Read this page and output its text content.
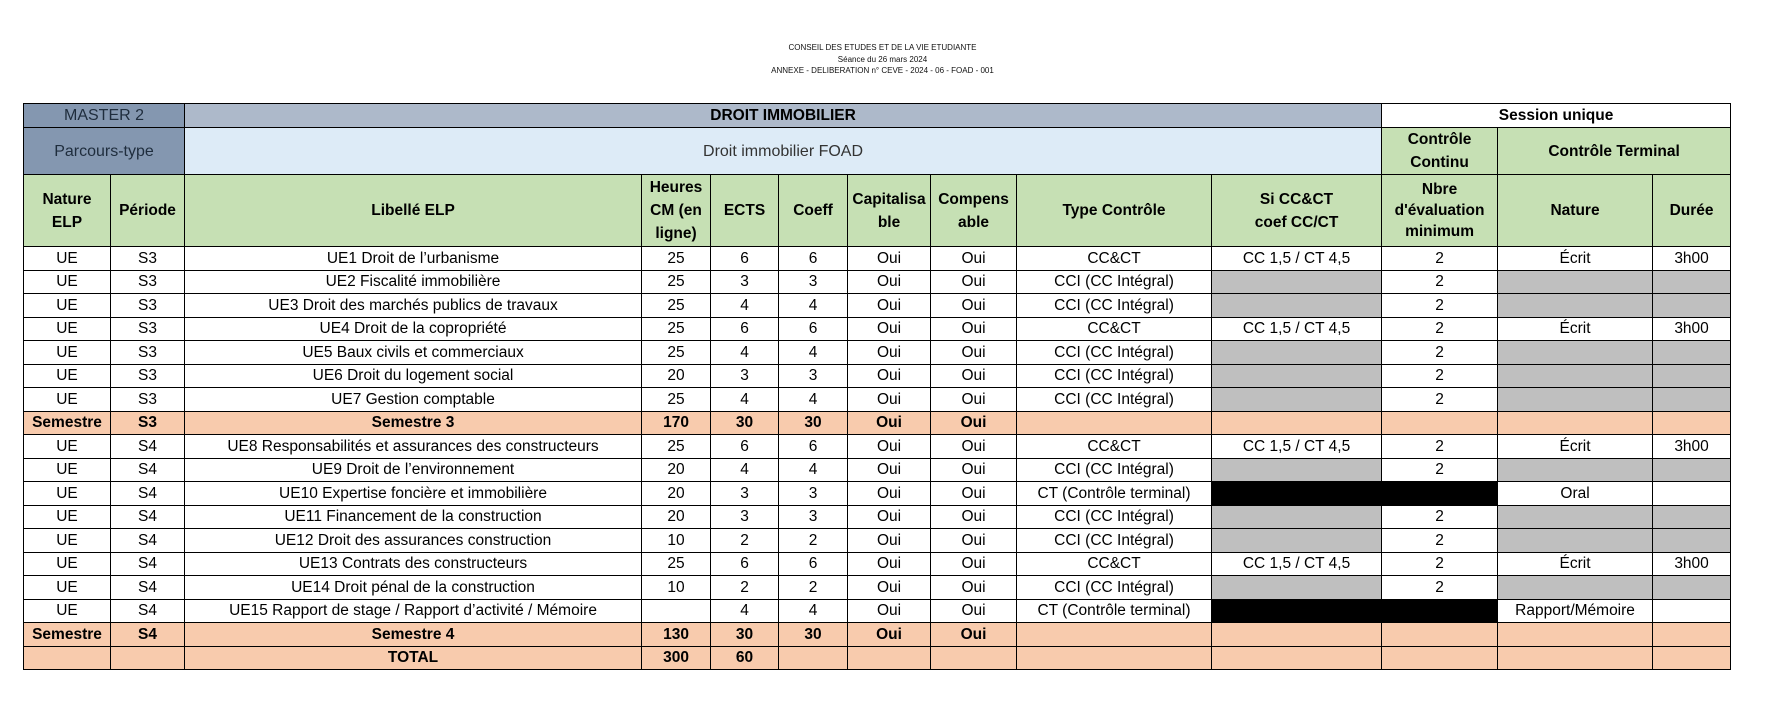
CONSEIL DES ETUDES ET DE LA VIE ETUDIANTE
Séance du 26 mars 2024
ANNEXE - DELIBERATION n° CEVE - 2024 - 06 - FOAD - 001
MASTER 2		DROIT IMMOBILIER								Session unique		
Parcours-type		Droit immobilier FOAD								Contrôle Continu	Contrôle Terminal	
Nature ELP	Période	Libellé ELP	Heures CM (en ligne)	ECTS	Coeff	Capitalisa ble	Compens able	Type Contrôle	Si CC&CT coef CC/CT	Nbre d'évaluation minimum	Nature	Durée
UE	S3	UE1 Droit de l’urbanisme	25	6	6	Oui	Oui	CC&CT	CC 1,5 / CT 4,5	2	Écrit	3h00
UE	S3	UE2 Fiscalité immobilière	25	3	3	Oui	Oui	CCI (CC Intégral)		2		
UE	S3	UE3 Droit des marchés publics de travaux	25	4	4	Oui	Oui	CCI (CC Intégral)		2		
UE	S3	UE4 Droit de la copropriété	25	6	6	Oui	Oui	CC&CT	CC 1,5 / CT 4,5	2	Écrit	3h00
UE	S3	UE5 Baux civils et commerciaux	25	4	4	Oui	Oui	CCI (CC Intégral)		2		
UE	S3	UE6 Droit du logement social	20	3	3	Oui	Oui	CCI (CC Intégral)		2		
UE	S3	UE7 Gestion comptable	25	4	4	Oui	Oui	CCI (CC Intégral)		2		
Semestre	S3	Semestre 3	170	30	30	Oui	Oui					
UE	S4	UE8 Responsabilités et assurances des constructeurs	25	6	6	Oui	Oui	CC&CT	CC 1,5 / CT 4,5	2	Écrit	3h00
UE	S4	UE9 Droit de l’environnement	20	4	4	Oui	Oui	CCI (CC Intégral)		2		
UE	S4	UE10 Expertise foncière et immobilière	20	3	3	Oui	Oui	CT (Contrôle terminal)			Oral	
UE	S4	UE11 Financement de la construction	20	3	3	Oui	Oui	CCI (CC Intégral)		2		
UE	S4	UE12 Droit des assurances construction	10	2	2	Oui	Oui	CCI (CC Intégral)		2		
UE	S4	UE13 Contrats des constructeurs	25	6	6	Oui	Oui	CC&CT	CC 1,5 / CT 4,5	2	Écrit	3h00
UE	S4	UE14 Droit pénal de la construction	10	2	2	Oui	Oui	CCI (CC Intégral)		2		
UE	S4	UE15 Rapport de stage / Rapport d’activité / Mémoire		4	4	Oui	Oui	CT (Contrôle terminal)			Rapport/Mémoire	
Semestre	S4	Semestre 4	130	30	30	Oui	Oui					
		TOTAL	300	60								
